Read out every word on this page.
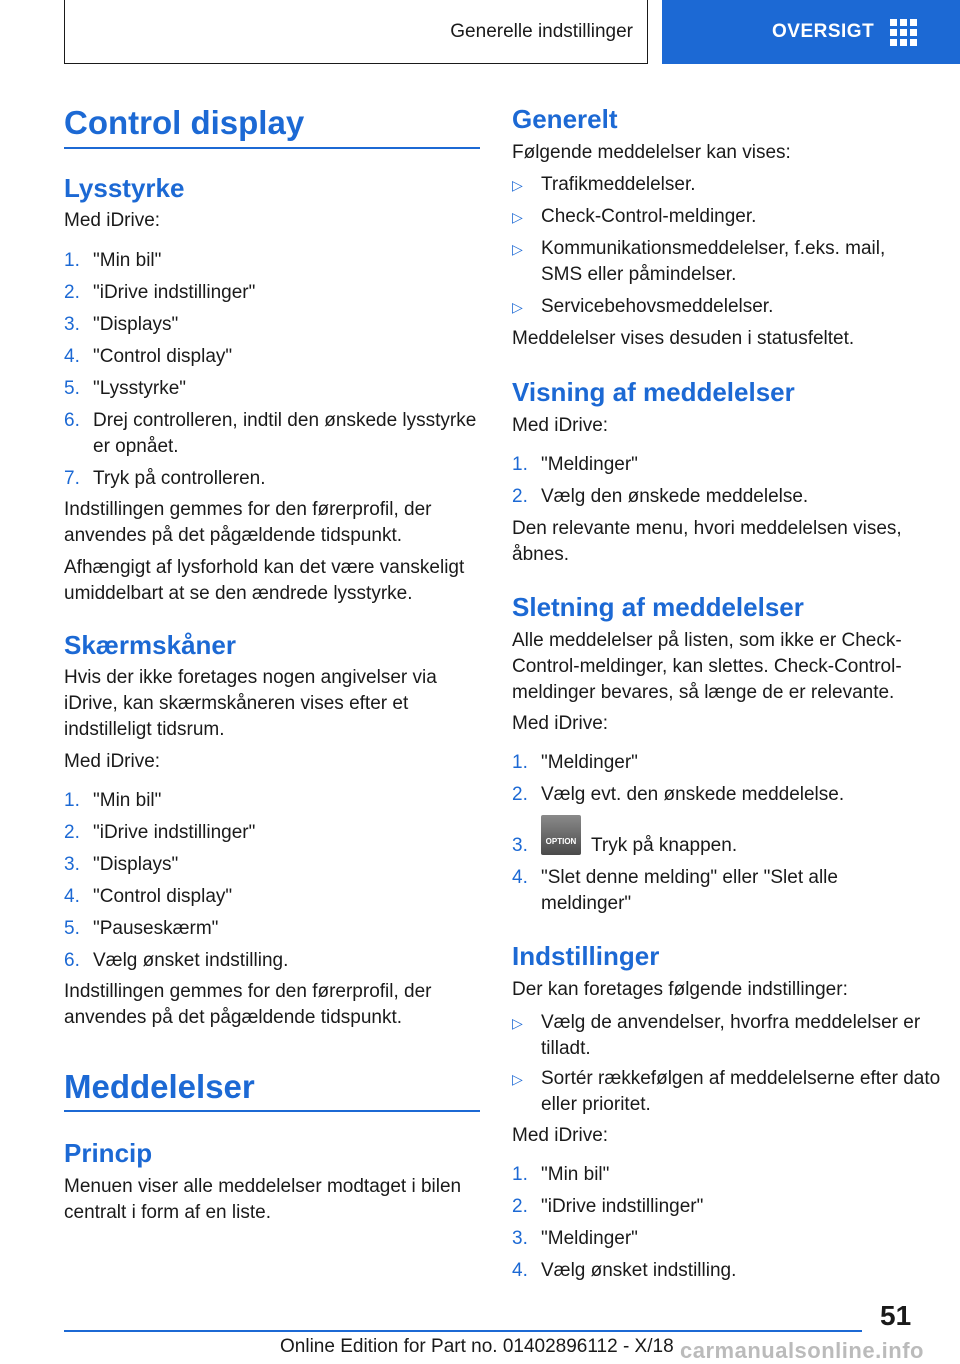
Generelle indstillinger	OVERSIGT
Control display
Lysstyrke
Med iDrive:
1. "Min bil"
2. "iDrive indstillinger"
3. "Displays"
4. "Control display"
5. "Lysstyrke"
6. Drej controlleren, indtil den ønskede lysstyrke er opnået.
7. Tryk på controlleren.
Indstillingen gemmes for den førerprofil, der anvendes på det pågældende tidspunkt.
Afhængigt af lysforhold kan det være vanskeligt umiddelbart at se den ændrede lysstyrke.
Skærmskåner
Hvis der ikke foretages nogen angivelser via iDrive, kan skærmskåneren vises efter et indstilleligt tidsrum.
Med iDrive:
1. "Min bil"
2. "iDrive indstillinger"
3. "Displays"
4. "Control display"
5. "Pauseskærm"
6. Vælg ønsket indstilling.
Indstillingen gemmes for den førerprofil, der anvendes på det pågældende tidspunkt.
Meddelelser
Princip
Menuen viser alle meddelelser modtaget i bilen centralt i form af en liste.
Generelt
Følgende meddelelser kan vises:
▷ Trafikmeddelelser.
▷ Check-Control-meldinger.
▷ Kommunikationsmeddelelser, f.eks. mail, SMS eller påmindelser.
▷ Servicebehovsmeddelelser.
Meddelelser vises desuden i statusfeltet.
Visning af meddelelser
Med iDrive:
1. "Meldinger"
2. Vælg den ønskede meddelelse.
Den relevante menu, hvori meddelelsen vises, åbnes.
Sletning af meddelelser
Alle meddelelser på listen, som ikke er Check-Control-meldinger, kan slettes. Check-Control-meldinger bevares, så længe de er relevante.
Med iDrive:
1. "Meldinger"
2. Vælg evt. den ønskede meddelelse.
3.	OPTION Tryk på knappen.
4. "Slet denne melding" eller "Slet alle meldinger"
Indstillinger
Der kan foretages følgende indstillinger:
▷ Vælg de anvendelser, hvorfra meddelelser er tilladt.
▷ Sortér rækkefølgen af meddelelserne efter dato eller prioritet.
Med iDrive:
1. "Min bil"
2. "iDrive indstillinger"
3. "Meldinger"
4. Vælg ønsket indstilling.
51
Online Edition for Part no. 01402896112 - X/18 carmanualsonline.info
